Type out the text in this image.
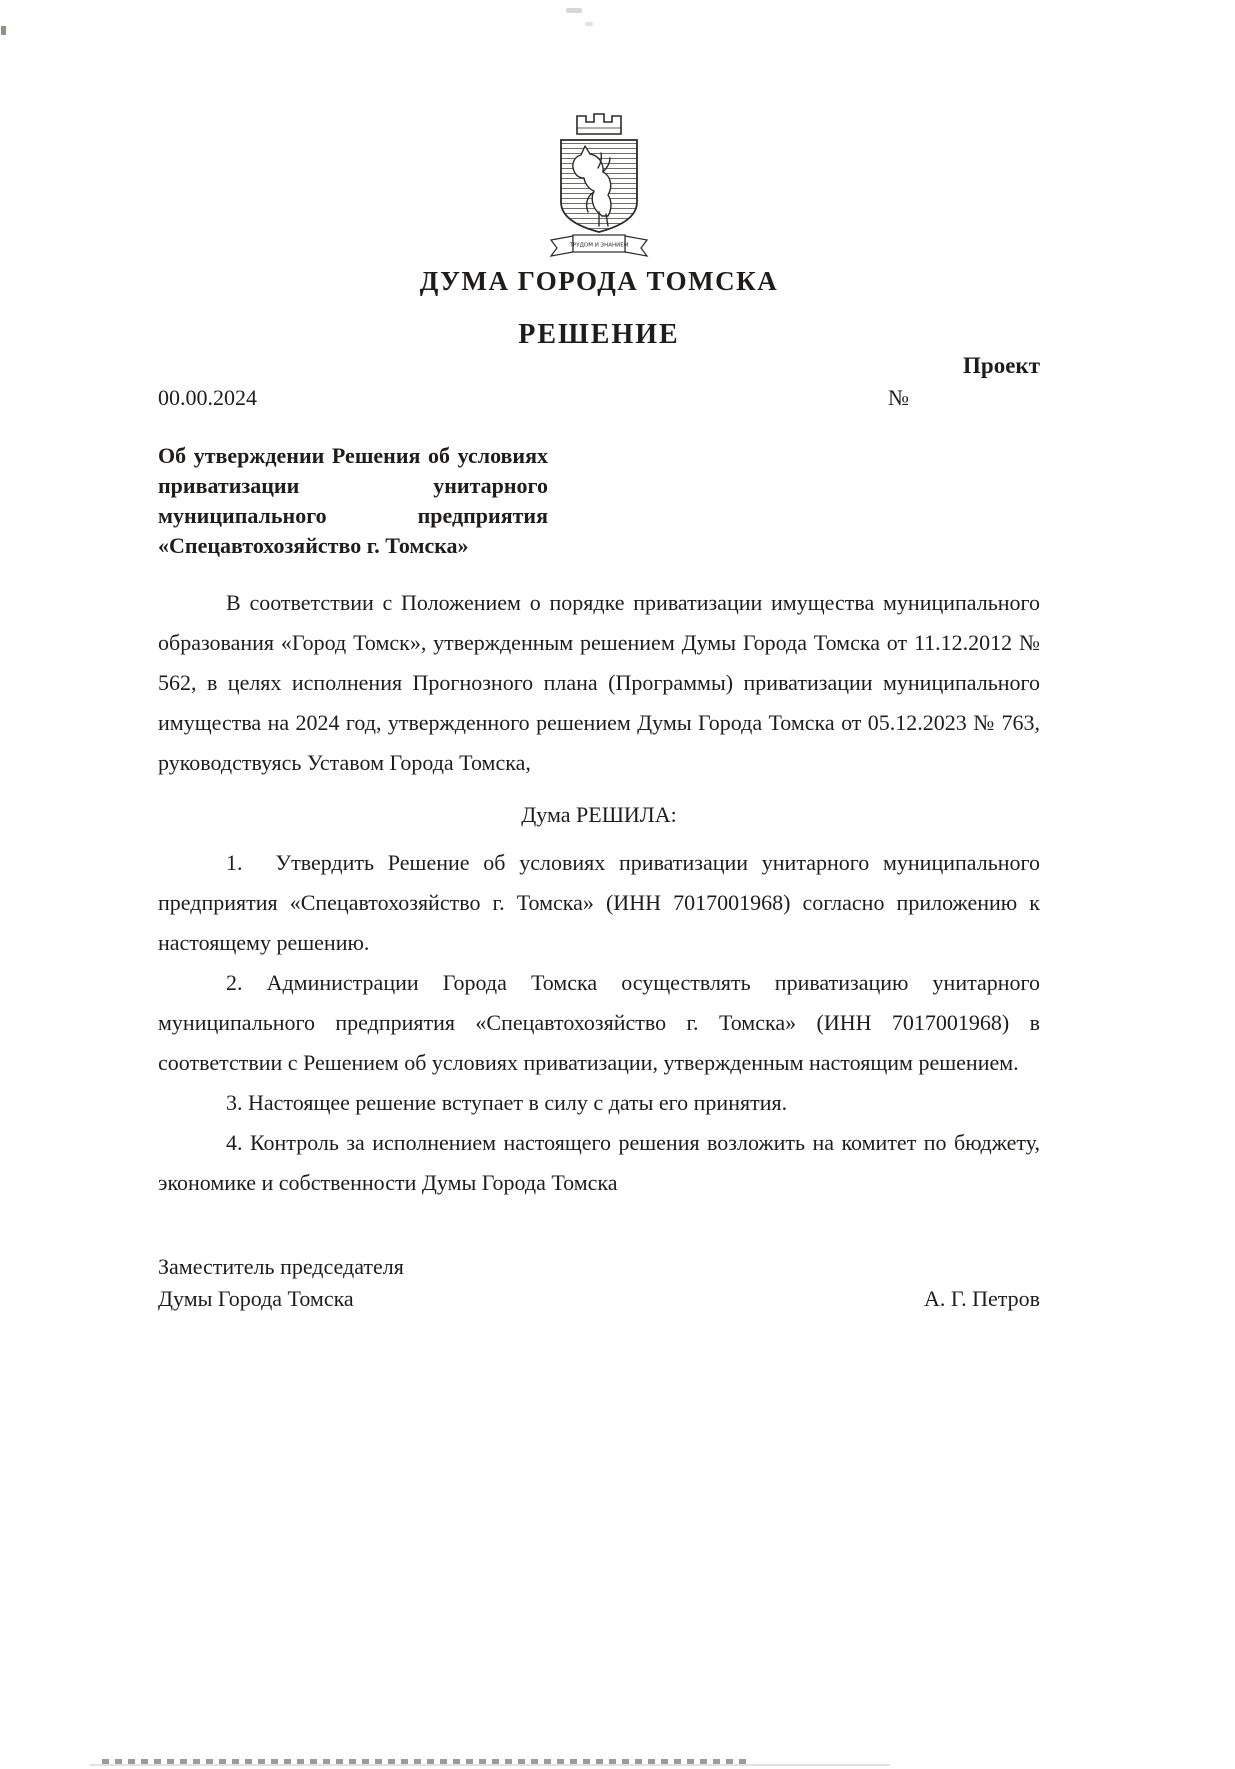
ТРУДОМ И ЗНАНИЕМ
ДУМА ГОРОДА ТОМСКА
РЕШЕНИЕ
Проект
00.00.2024	№
Об утверждении Решения об условиях приватизации унитарного муниципального предприятия «Спецавтохозяйство г. Томска»

В соответствии с Положением о порядке приватизации имущества муниципального образования «Город Томск», утвержденным решением Думы Города Томска от 11.12.2012 № 562, в целях исполнения Прогнозного плана (Программы) приватизации муниципального имущества на 2024 год, утвержденного решением Думы Города Томска от 05.12.2023 № 763, руководствуясь Уставом Города Томска,

Дума РЕШИЛА:

1.  Утвердить Решение об условиях приватизации унитарного муниципального предприятия «Спецавтохозяйство г. Томска» (ИНН 7017001968) согласно приложению к настоящему решению.

2. Администрации Города Томска осуществлять приватизацию унитарного муниципального предприятия «Спецавтохозяйство г. Томска» (ИНН 7017001968) в соответствии с Решением об условиях приватизации, утвержденным настоящим решением.

3. Настоящее решение вступает в силу с даты его принятия.

4. Контроль за исполнением настоящего решения возложить на комитет по бюджету, экономике и собственности Думы Города Томска

Заместитель председателя
Думы Города Томска	А. Г. Петров
